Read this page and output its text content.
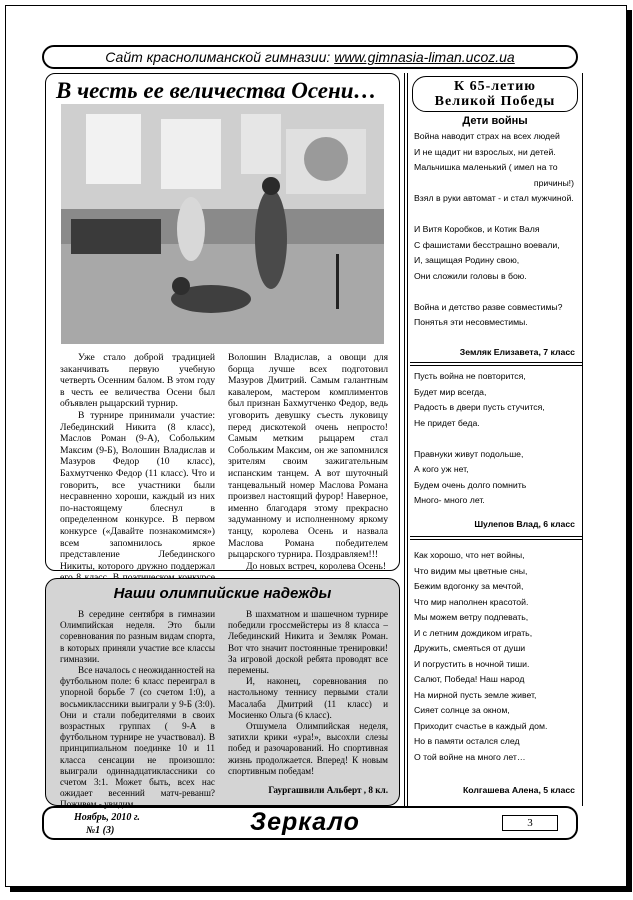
Сайт краснолиманской гимназии:
www.gimnasia-liman.ucoz.ua
В честь ее величества Осени…

Уже стало доброй традицией заканчивать первую учебную четверть Осенним балом. В этом году в честь ее величества Осени был объявлен рыцарский турнир.

В турнире принимали участие: Лебединский Никита (8 класс), Маслов Роман (9-А), Собольким Максим (9-Б), Волошин Владислав и Мазуров Федор (10 класс), Бахмутченко Федор (11 класс). Что и говорить, все участники были несравненно хороши, каждый из них по-настоящему блеснул в определенном конкурсе. В первом конкурсе («Давайте познакомимся») всем запомнилось яркое представление Лебединского Никиты, которого дружно поддержал

Волошин Владислав, а овощи для борща лучше всех подготовил Мазуров Дмитрий. Самым галантным кавалером, мастером комплиментов был признан Бахмутченко Федор, ведь уговорить девушку съесть луковицу перед дискотекой очень непросто! Самым метким рыцарем стал Собольким Максим, он же запомнился зрителям своим зажигательным испанским танцем. А вот шуточный танцевальный номер Маслова Романа произвел настоящий фурор! Наверное, именно благодаря этому прекрасно задуманному и исполненному яркому танцу, королева Осень и назвала Маслова Романа победителем рыцарского турнира. Поздравляем!!!

До новых встреч, королева Осень!

Наши олимпийские надежды

В середине сентября в гимназии Олимпийская неделя. Это были соревнования по разным видам спорта, в которых приняли участие все классы гимназии.

Все началось с неожиданностей на футбольном поле: 6 класс переиграл в упорной борьбе 7 (со счетом 1:0), а восьмиклассники выиграли у 9-Б (3:0). Они и стали победителями в своих возрастных группах ( 9-А в футбольном турнире не участвовал). В принципиальном поединке 10 и 11 класса сенсации не произошло: выиграли одиннадцатиклассники со счетом 3:1. Может быть, всех нас ожидает весенний матч-реванш? Поживем - увидим.

В шахматном и шашечном турнире победили гроссмейстеры из 8 класса – Лебединский Никита и Земляк Роман. Вот что значит постоянные тренировки! За игровой доской ребята проводят все перемены.

И, наконец, соревнования по настольному теннису первыми стали Масалаба Дмитрий (11 класс) и Мосиенко Ольга (6 класс).

Отшумела Олимпийская неделя, затихли крики «ура!», высохли слезы побед и разочарований. Но спортивная жизнь продолжается. Вперед! К новым спортивным победам!

Гаургашвили Альберт , 8 кл.

К 65-летию
Великой Победы
Дети войны
Война наводит страх на всех людей
И не щадит ни взрослых, ни детей.
Мальчишка маленький ( имел на то
причины!)
Взял в руки автомат - и стал мужчиной.

И Витя Коробков, и Котик Валя
С фашистами бесстрашно воевали,
И, защищая Родину свою,
Они сложили головы в бою.

Война и детство разве совместимы?
Понятья эти несовместимы.
Земляк Елизавета, 7 класс
Пусть война не повторится,
Будет мир всегда,
Радость в двери пусть стучится,
Не придет беда.

Правнуки живут подольше,
А кого уж нет,
Будем очень долго помнить
Много- много лет.
Шулепов Влад, 6 класс
Как хорошо, что нет войны,
Что видим мы цветные сны,
Бежим вдогонку за мечтой,
Что мир наполнен красотой.
Мы можем ветру подпевать,
И с летним дождиком играть,
Дружить, смеяться от души
И погрустить в ночной тиши.
Салют, Победа! Наш народ
На мирной пусть земле живет,
Сияет солнце за окном,
Приходит счастье в каждый дом.
Но в памяти остался след
О той войне на много лет…
Колгашева Алена, 5 класс
Ноябрь, 2010 г.
№1 (3)	Зеркало	3
